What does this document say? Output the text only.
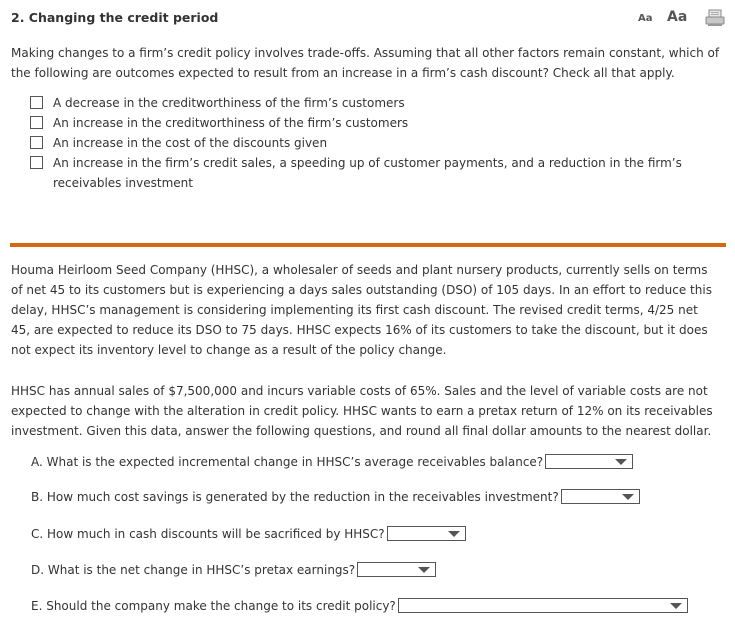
2. Changing the credit period	Aa Aa
Making changes to a firm’s credit policy involves trade-offs. Assuming that all other factors remain constant, which of
the following are outcomes expected to result from an increase in a firm’s cash discount? Check all that apply.
A decrease in the creditworthiness of the firm’s customers
An increase in the creditworthiness of the firm’s customers
An increase in the cost of the discounts given
An increase in the firm’s credit sales, a speeding up of customer payments, and a reduction in the firm’s receivables investment
Houma Heirloom Seed Company (HHSC), a wholesaler of seeds and plant nursery products, currently sells on terms
of net 45 to its customers but is experiencing a days sales outstanding (DSO) of 105 days. In an effort to reduce this
delay, HHSC’s management is considering implementing its first cash discount. The revised credit terms, 4/25 net
45, are expected to reduce its DSO to 75 days. HHSC expects 16% of its customers to take the discount, but it does
not expect its inventory level to change as a result of the policy change.
HHSC has annual sales of $7,500,000 and incurs variable costs of 65%. Sales and the level of variable costs are not
expected to change with the alteration in credit policy. HHSC wants to earn a pretax return of 12% on its receivables
investment. Given this data, answer the following questions, and round all final dollar amounts to the nearest dollar.
A. What is the expected incremental change in HHSC’s average receivables balance?
B. How much cost savings is generated by the reduction in the receivables investment?
C. How much in cash discounts will be sacrificed by HHSC?
D. What is the net change in HHSC’s pretax earnings?
E. Should the company make the change to its credit policy?
